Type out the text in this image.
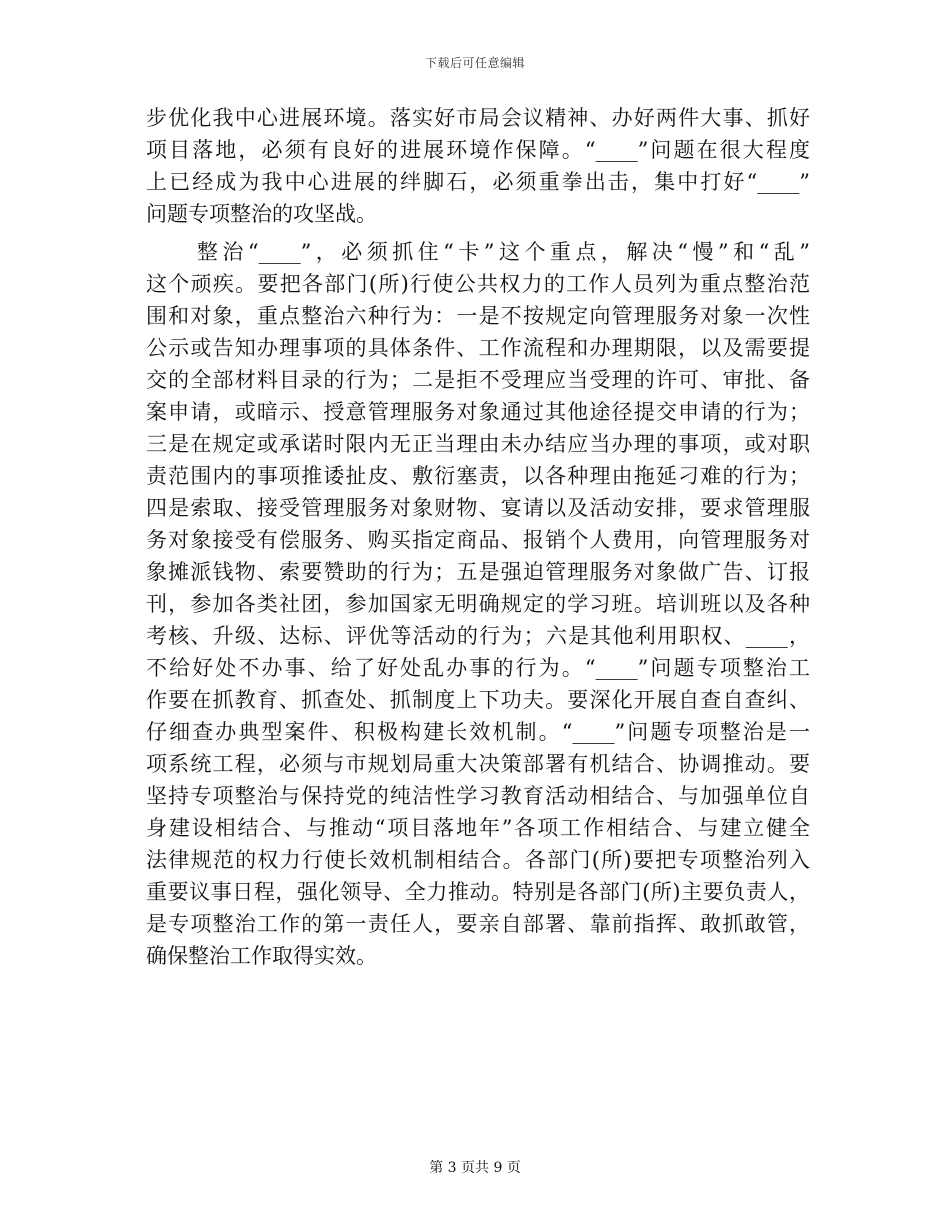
下载后可任意编辑
步优化我中心进展环境。落实好市局会议精神、办好两件大事、抓好
项目落地，必须有良好的进展环境作保障。“____”问题在很大程度
上已经成为我中心进展的绊脚石，必须重拳出击，集中打好“____”
问题专项整治的攻坚战。
　　整治“____”，必须抓住“卡”这个重点，解决“慢”和“乱”
这个顽疾。要把各部门(所)行使公共权力的工作人员列为重点整治范
围和对象，重点整治六种行为：一是不按规定向管理服务对象一次性
公示或告知办理事项的具体条件、工作流程和办理期限，以及需要提
交的全部材料目录的行为；二是拒不受理应当受理的许可、审批、备
案申请，或暗示、授意管理服务对象通过其他途径提交申请的行为；
三是在规定或承诺时限内无正当理由未办结应当办理的事项，或对职
责范围内的事项推诿扯皮、敷衍塞责，以各种理由拖延刁难的行为；
四是索取、接受管理服务对象财物、宴请以及活动安排，要求管理服
务对象接受有偿服务、购买指定商品、报销个人费用，向管理服务对
象摊派钱物、索要赞助的行为；五是强迫管理服务对象做广告、订报
刊，参加各类社团，参加国家无明确规定的学习班。培训班以及各种
考核、升级、达标、评优等活动的行为；六是其他利用职权、____，
不给好处不办事、给了好处乱办事的行为。“____”问题专项整治工
作要在抓教育、抓查处、抓制度上下功夫。要深化开展自查自查纠、
仔细查办典型案件、积极构建长效机制。“____”问题专项整治是一
项系统工程，必须与市规划局重大决策部署有机结合、协调推动。要
坚持专项整治与保持党的纯洁性学习教育活动相结合、与加强单位自
身建设相结合、与推动“项目落地年”各项工作相结合、与建立健全
法律规范的权力行使长效机制相结合。各部门(所)要把专项整治列入
重要议事日程，强化领导、全力推动。特别是各部门(所)主要负责人，
是专项整治工作的第一责任人，要亲自部署、靠前指挥、敢抓敢管，
确保整治工作取得实效。
第 3 页共 9 页
